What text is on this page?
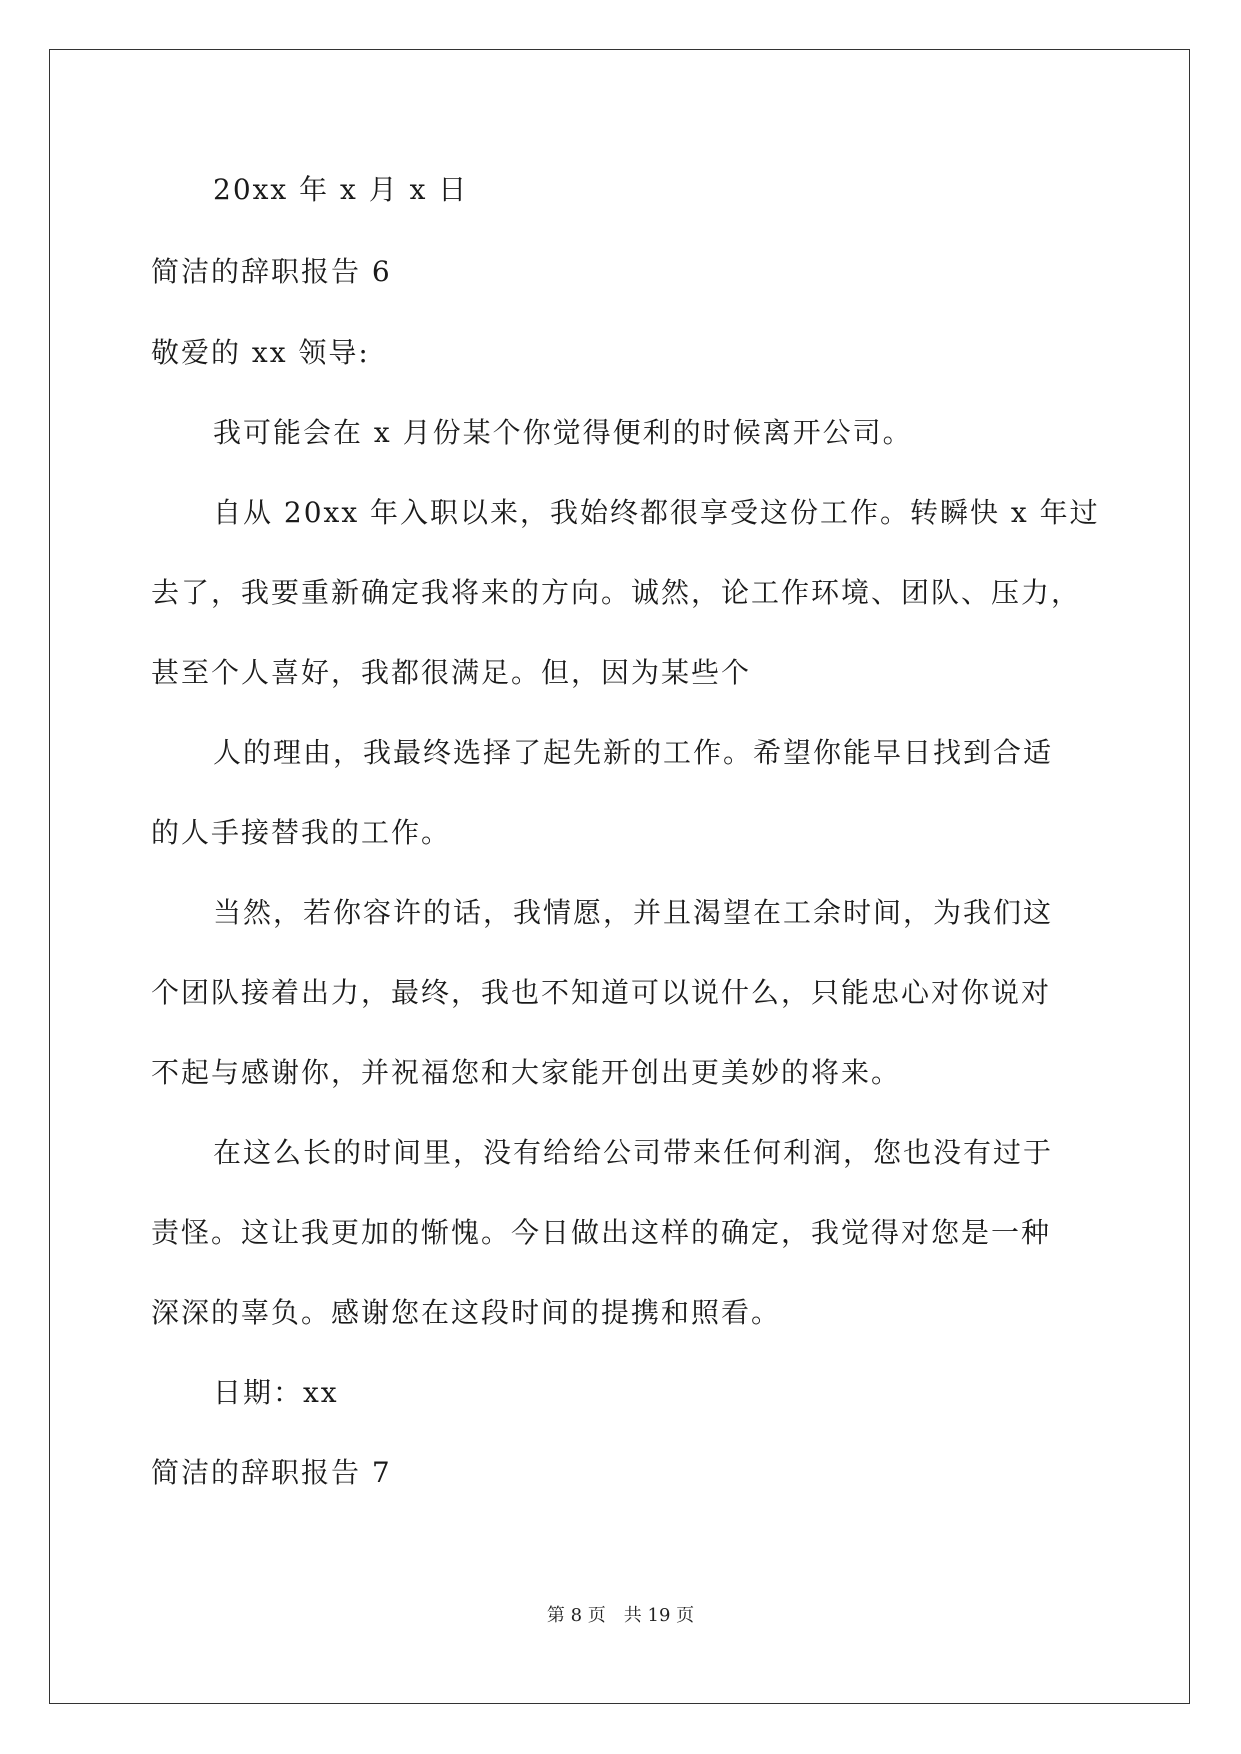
20xx 年 x 月 x 日
简洁的辞职报告 6
敬爱的 xx 领导:
我可能会在 x 月份某个你觉得便利的时候离开公司。
自从 20xx 年入职以来，我始终都很享受这份工作。转瞬快 x 年过
去了，我要重新确定我将来的方向。诚然，论工作环境、团队、压力，
甚至个人喜好，我都很满足。但，因为某些个
人的理由，我最终选择了起先新的工作。希望你能早日找到合适
的人手接替我的工作。
当然，若你容许的话，我情愿，并且渴望在工余时间，为我们这
个团队接着出力，最终，我也不知道可以说什么，只能忠心对你说对
不起与感谢你，并祝福您和大家能开创出更美妙的将来。
在这么长的时间里，没有给给公司带来任何利润，您也没有过于
责怪。这让我更加的惭愧。今日做出这样的确定，我觉得对您是一种
深深的辜负。感谢您在这段时间的提携和照看。
日期：xx
简洁的辞职报告 7
第 8 页 共 19 页
